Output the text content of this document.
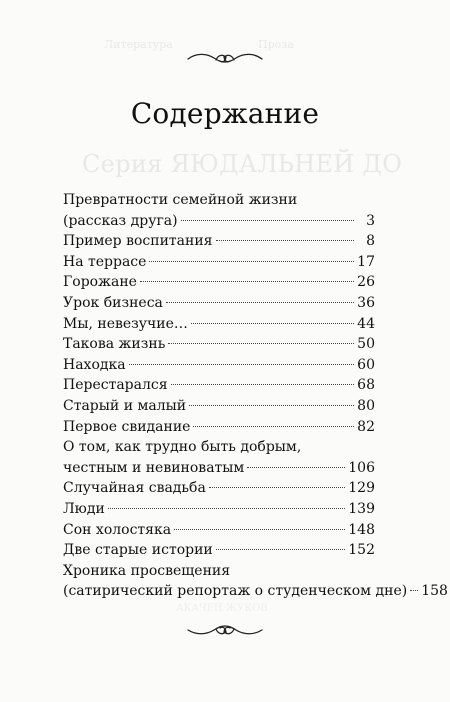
Литература	Проза
Серия ЯЮДАЛЬНЕЙ ДО
АКАЧЕН ЖУКОВ
Содержание
Превратности семейной жизни
(рассказ друга)	3
Пример воспитания	8
На террасе	17
Горожане	26
Урок бизнеса	36
Мы, невезучие…	44
Такова жизнь	50
Находка	60
Перестарался	68
Старый и малый	80
Первое свидание	82
О том, как трудно быть добрым,
честным и невиноватым	106
Случайная свадьба	129
Люди	139
Сон холостяка	148
Две старые истории	152
Хроника просвещения
(сатирический репортаж о студенческом дне) 158
